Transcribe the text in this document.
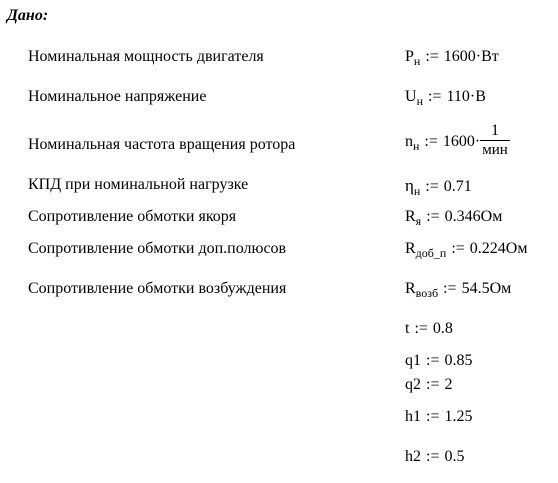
Дано:
Номинальная мощность двигателя	$P_н$ := 1600·Вт
Номинальное напряжение	$U_н$ := 110·В
Номинальная частота вращения ротора	$n_н$ := $1600\cdot \frac{1}{\text{мин}}$
КПД при номинальной нагрузке	$\eta_н$ := 0.71
Сопротивление обмотки якоря	$R_я$ := 0.346Ом
Сопротивление обмотки доп.полюсов	$R_{доб\_п}$ := 0.224Ом
Сопротивление обмотки возбуждения	$R_{возб}$ := 54.5Ом
t := 0.8
q1 := 0.85
q2 := 2
h1 := 1.25
h2 := 0.5
